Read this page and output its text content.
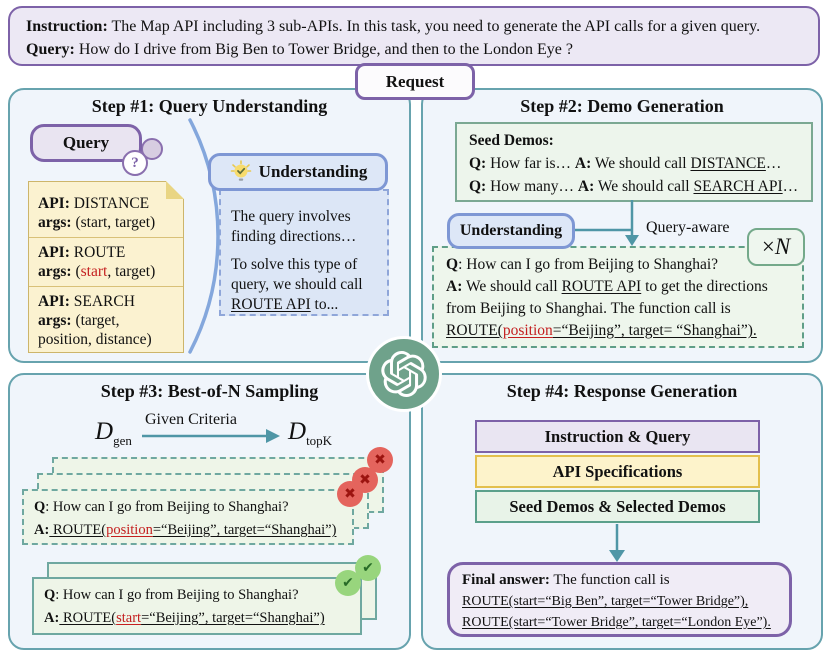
Instruction: The Map API including 3 sub-APIs. In this task, you need to generate the API calls for a given query.
Query: How do I drive from Big Ben to Tower Bridge, and then to the London Eye ?
Request
Step #1: Query Understanding
Query
?
API: DISTANCE
args: (start, target)
API: ROUTE
args: (start, target)
API: SEARCH
args: (target, position, distance)
Understanding

The query involves finding directions…

To solve this type of query, we should call ROUTE API to...

Step #2: Demo Generation
Seed Demos:
Q: How far is… A: We should call DISTANCE…
Q: How many… A: We should call SEARCH API…
Understanding	Query-aware
× N
Q: How can I go from Beijing to Shanghai?
A: We should call ROUTE API to get the directions from Beijing to Shanghai. The function call is ROUTE(position=“Beijing”, target= “Shanghai”).
Step #3: Best-of-N Sampling
$D_{gen}$
Given Criteria $D_{topK}$
Q: How can I go from Beijing to Shanghai?
A: ROUTE(position=“Beijing”, target=“Shanghai”)
✖
✖
✖
Q: How can I go from Beijing to Shanghai?
A: ROUTE(start=“Beijing”, target=“Shanghai”)
✔
✔
Step #4: Response Generation
Instruction & Query
API Specifications
Seed Demos & Selected Demos
Final answer: The function call is
ROUTE(start=“Big Ben”, target=“Tower Bridge”),
ROUTE(start=“Tower Bridge”, target=“London Eye”).
